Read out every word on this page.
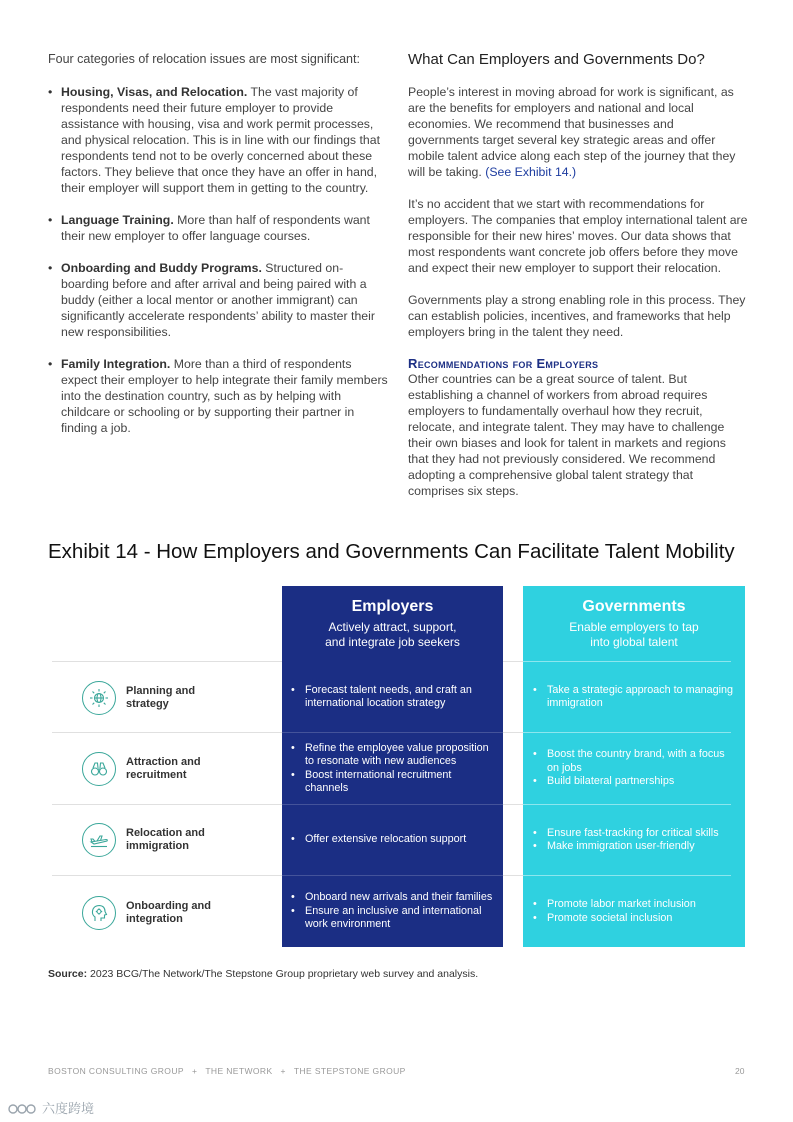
Four categories of relocation issues are most significant:
• Housing, Visas, and Relocation. The vast majority of respondents need their future employer to provide assistance with housing, visa and work permit processes, and physical relocation. This is in line with our findings that respondents tend not to be overly concerned about these factors. They believe that once they have an offer in hand, their employer will support them in getting to the country.
• Language Training. More than half of respondents want their new employer to offer language courses.
• Onboarding and Buddy Programs. Structured on-boarding before and after arrival and being paired with a buddy (either a local mentor or another immigrant) can significantly accelerate respondents’ ability to master their new responsibilities.
• Family Integration. More than a third of respondents expect their employer to help integrate their family members into the destination country, such as by helping with childcare or schooling or by supporting their partner in finding a job.
What Can Employers and Governments Do?

People’s interest in moving abroad for work is significant, as are the benefits for employers and national and local economies. We recommend that businesses and governments target several key strategic areas and offer mobile talent advice along each step of the journey that they will be taking. (See Exhibit 14.)

It’s no accident that we start with recommendations for employers. The companies that employ international talent are responsible for their new hires’ moves. Our data shows that most respondents want concrete job offers before they move and expect their new employer to support their relocation.

Governments play a strong enabling role in this process. They can establish policies, incentives, and frameworks that help employers bring in the talent they need.

Recommendations for Employers

Other countries can be a great source of talent. But establishing a channel of workers from abroad requires employers to fundamentally overhaul how they recruit, relocate, and integrate talent. They may have to challenge their own biases and look for talent in markets and regions that they had not previously considered. We recommend adopting a comprehensive global talent strategy that comprises six steps.

Exhibit 14 - How Employers and Governments Can Facilitate Talent Mobility
Employers
Actively attract, support,
and integrate job seekers
Governments
Enable employers to tap
into global talent
Planning and
strategy
• Forecast talent needs, and craft an international location strategy
• Take a strategic approach to managing immigration
Attraction and
recruitment
• Refine the employee value proposition to resonate with new audiences
• Boost international recruitment channels
• Boost the country brand, with a focus on jobs
• Build bilateral partnerships
Relocation and
immigration
• Offer extensive relocation support
• Ensure fast-tracking for critical skills
• Make immigration user-friendly
Onboarding and
integration
• Onboard new arrivals and their families
• Ensure an inclusive and international work environment
• Promote labor market inclusion
• Promote societal inclusion
Source: 2023 BCG/The Network/The Stepstone Group proprietary web survey and analysis.
BOSTON CONSULTING GROUP + THE NETWORK + THE STEPSTONE GROUP	20
六度跨境
